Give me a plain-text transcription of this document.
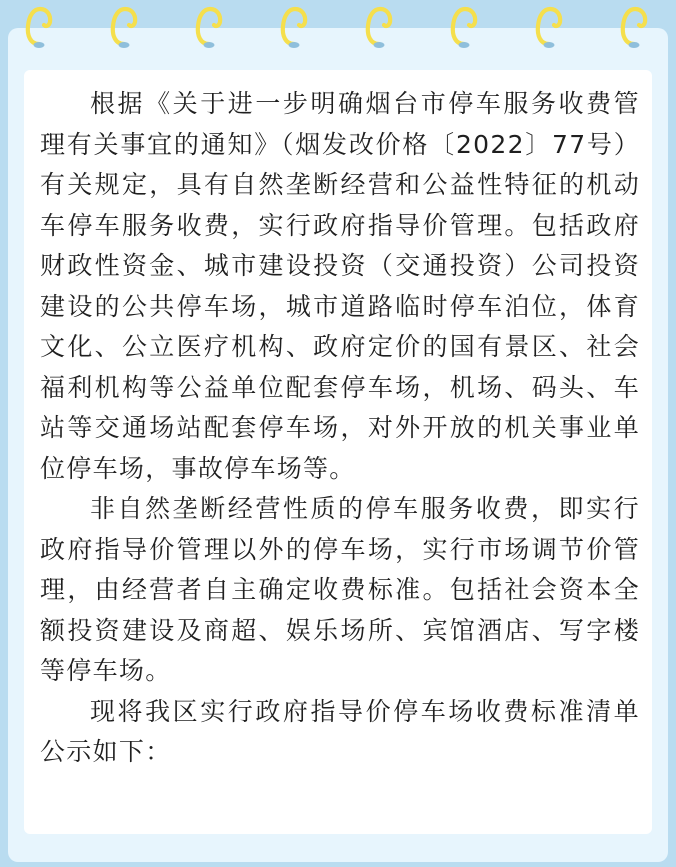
根据《关于进一步明确烟台市停车服务收费管理有关事宜的通知》（烟发改价格〔2022〕77号）有关规定，具有自然垄断经营和公益性特征的机动车停车服务收费，实行政府指导价管理。包括政府财政性资金、城市建设投资（交通投资）公司投资建设的公共停车场，城市道路临时停车泊位，体育文化、公立医疗机构、政府定价的国有景区、社会福利机构等公益单位配套停车场，机场、码头、车站等交通场站配套停车场，对外开放的机关事业单位停车场，事故停车场等。

非自然垄断经营性质的停车服务收费，即实行政府指导价管理以外的停车场，实行市场调节价管理，由经营者自主确定收费标准。包括社会资本全额投资建设及商超、娱乐场所、宾馆酒店、写字楼等停车场。

现将我区实行政府指导价停车场收费标准清单公示如下：
